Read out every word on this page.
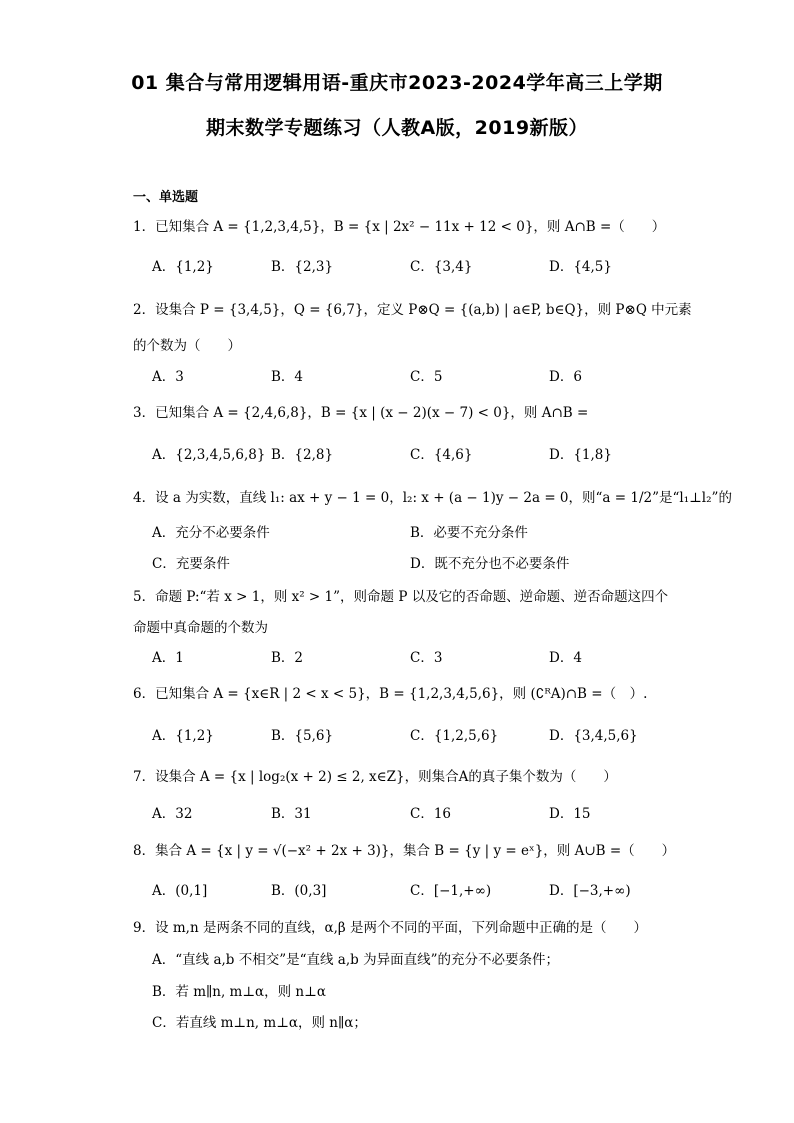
01 集合与常用逻辑用语-重庆市2023-2024学年高三上学期
期末数学专题练习（人教A版，2019新版）
一、单选题
1．已知集合 A = {1,2,3,4,5}，B = {x | 2x² − 11x + 12 < 0}，则 A∩B =（　　）
A．{1,2}	B．{2,3}	C．{3,4}	D．{4,5}
2．设集合 P = {3,4,5}，Q = {6,7}，定义 P⊗Q = {(a,b) | a∈P, b∈Q}，则 P⊗Q 中元素
的个数为（　　）
A．3	B．4	C．5	D．6
3．已知集合 A = {2,4,6,8}，B = {x | (x − 2)(x − 7) < 0}，则 A∩B =
A．{2,3,4,5,6,8} B．{2,8}	C．{4,6}	D．{1,8}
4．设 a 为实数，直线 l₁: ax + y − 1 = 0，l₂: x + (a − 1)y − 2a = 0，则“a = 1/2”是“l₁⊥l₂”的
A．充分不必要条件	B．必要不充分条件
C．充要条件	D．既不充分也不必要条件
5．命题 P:“若 x > 1，则 x² > 1”，则命题 P 以及它的否命题、逆命题、逆否命题这四个
命题中真命题的个数为
A．1	B．2	C．3	D．4
6．已知集合 A = {x∈R | 2 < x < 5}，B = {1,2,3,4,5,6}，则 (∁ᴿA)∩B =（　）.
A．{1,2}	B．{5,6}	C．{1,2,5,6}	D．{3,4,5,6}
7．设集合 A = {x | log₂(x + 2) ≤ 2, x∈Z}，则集合A的真子集个数为（　　）
A．32	B．31	C．16	D．15
8．集合 A = {x | y = √(−x² + 2x + 3)}，集合 B = {y | y = eˣ}，则 A∪B =（　　）
A．(0,1]	B．(0,3]	C．[−1,+∞)	D．[−3,+∞)
9．设 m,n 是两条不同的直线，α,β 是两个不同的平面，下列命题中正确的是（　　）
A．“直线 a,b 不相交”是“直线 a,b 为异面直线”的充分不必要条件；
B．若 m∥n, m⊥α，则 n⊥α
C．若直线 m⊥n, m⊥α，则 n∥α；
